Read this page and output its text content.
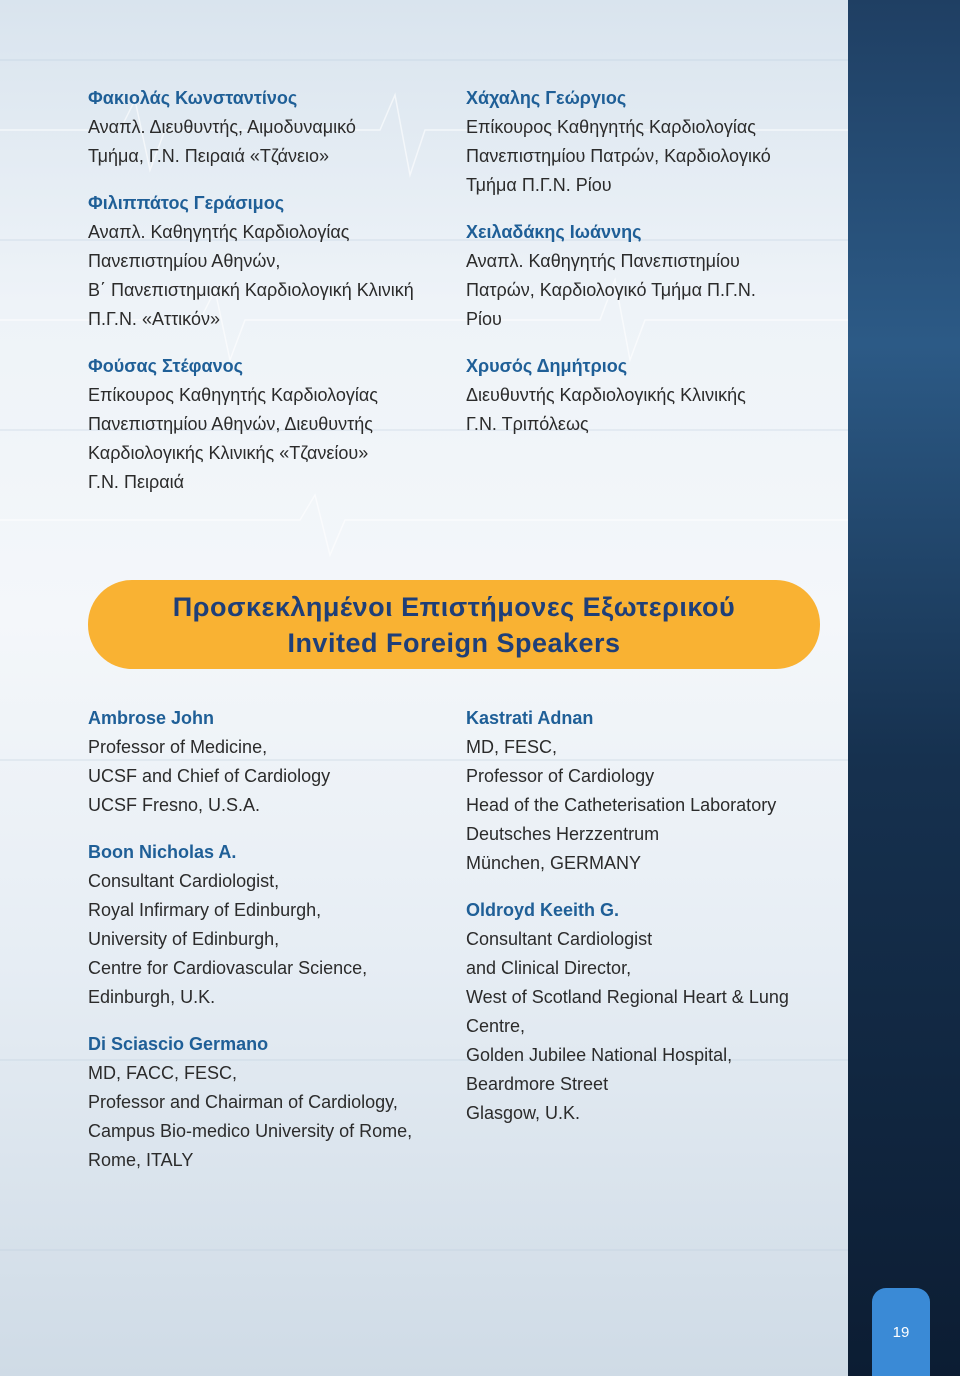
Φακιολάς Κωνσταντίνος
Αναπλ. Διευθυντής, Αιμοδυναμικό
Τμήμα, Γ.Ν. Πειραιά «Τζάνειο»
Φιλιππάτος Γεράσιμος
Αναπλ. Καθηγητής Καρδιολογίας
Πανεπιστημίου Αθηνών,
Β΄ Πανεπιστημιακή Καρδιολογική Κλινική
Π.Γ.Ν. «Αττικόν»
Φούσας Στέφανος
Επίκουρος Καθηγητής Καρδιολογίας
Πανεπιστημίου Αθηνών, Διευθυντής
Καρδιολογικής Κλινικής «Τζανείου»
Γ.Ν. Πειραιά
Χάχαλης Γεώργιος
Επίκουρος Καθηγητής Καρδιολογίας
Πανεπιστημίου Πατρών, Καρδιολογικό
Τμήμα Π.Γ.Ν. Ρίου
Χειλαδάκης Ιωάννης
Αναπλ. Καθηγητής Πανεπιστημίου
Πατρών, Καρδιολογικό Τμήμα Π.Γ.Ν.
Ρίου
Χρυσός Δημήτριος
Διευθυντής Καρδιολογικής Κλινικής
Γ.Ν. Τριπόλεως
Προσκεκλημένοι Επιστήμονες Εξωτερικού
Invited Foreign Speakers
Ambrose John
Professor of Medicine,
UCSF and Chief of Cardiology
UCSF Fresno, U.S.A.
Boon Nicholas A.
Consultant Cardiologist,
Royal Infirmary of Edinburgh,
University of Edinburgh,
Centre for Cardiovascular Science,
Edinburgh, U.K.
Di Sciascio Germano
MD, FACC, FESC,
Professor and Chairman of Cardiology,
Campus Bio-medico University of Rome,
Rome, ITALY
Kastrati Adnan
MD, FESC,
Professor of Cardiology
Head of the Catheterisation Laboratory
Deutsches Herzzentrum
München, GERMANY
Oldroyd Keeith G.
Consultant Cardiologist
and Clinical Director,
West of Scotland Regional Heart & Lung
Centre,
Golden Jubilee National Hospital,
Beardmore Street
Glasgow, U.K.
19
